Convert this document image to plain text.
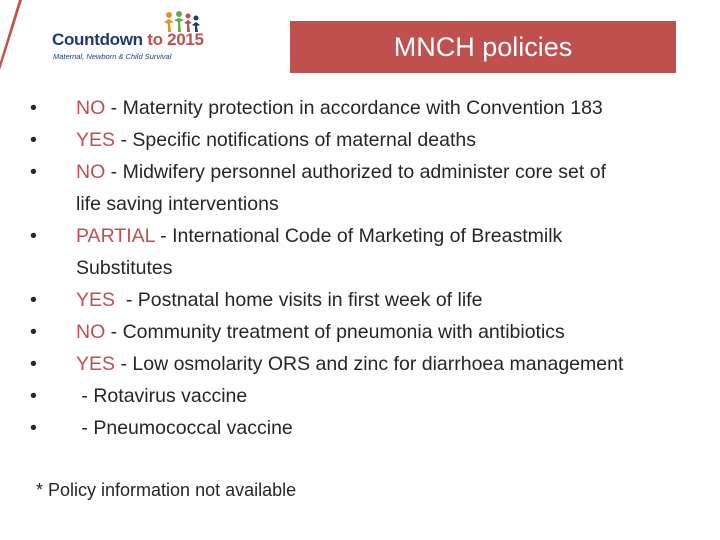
Countdown to 2015
Maternal, Newborn & Child Survival	MNCH policies
• NO - Maternity protection in accordance with Convention 183
• YES - Specific notifications of maternal deaths
• NO - Midwifery personnel authorized to administer core set of
life saving interventions
• PARTIAL - International Code of Marketing of Breastmilk
Substitutes
• YES  - Postnatal home visits in first week of life
• NO - Community treatment of pneumonia with antibiotics
• YES - Low osmolarity ORS and zinc for diarrhoea management
• - Rotavirus vaccine
• - Pneumococcal vaccine
* Policy information not available
